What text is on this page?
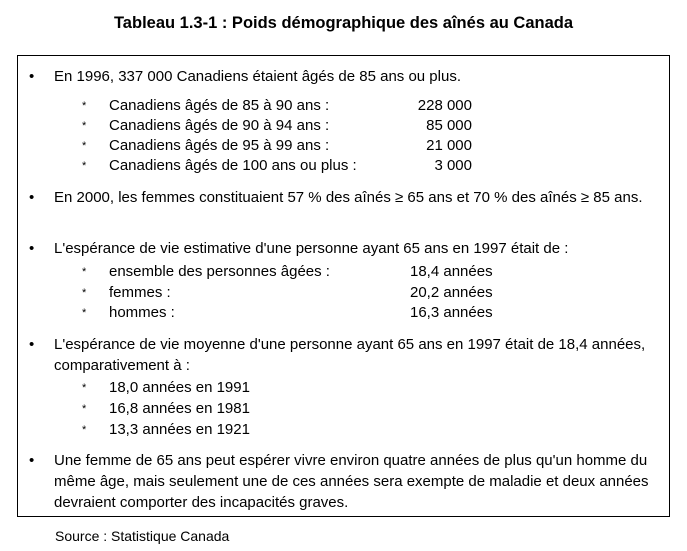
Tableau 1.3-1 : Poids démographique des aînés au Canada
• En 1996, 337 000 Canadiens étaient âgés de 85 ans ou plus.

* Canadiens âgés de 85 à 90 ans :	228 000
* Canadiens âgés de 90 à 94 ans :	85 000
* Canadiens âgés de 95 à 99 ans :	21 000
* Canadiens âgés de 100 ans ou plus :	3 000
• En 2000, les femmes constituaient 57 % des aînés ≥ 65 ans et 70 % des aînés ≥ 85 ans.

• L'espérance de vie estimative d'une personne ayant 65 ans en 1997 était de :

* ensemble des personnes âgées :	18,4 années
* femmes :	20,2 années
* hommes :	16,3 années
• L'espérance de vie moyenne d'une personne ayant 65 ans en 1997 était de 18,4 années, comparativement à :

* 18,0 années en 1991
* 16,8 années en 1981
* 13,3 années en 1921
• Une femme de 65 ans peut espérer vivre environ quatre années de plus qu'un homme du même âge, mais seulement une de ces années sera exempte de maladie et deux années devraient comporter des incapacités graves.

Source : Statistique Canada
